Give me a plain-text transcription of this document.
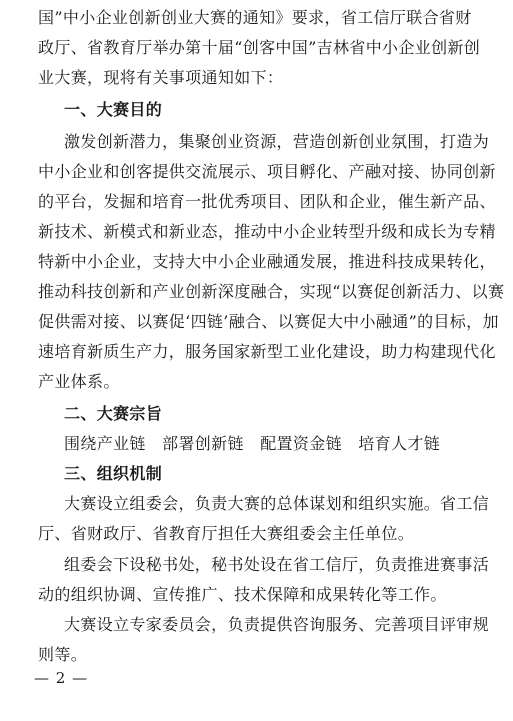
国”中小企业创新创业大赛的通知》要求，省工信厅联合省财
政厅、省教育厅举办第十届“创客中国”吉林省中小企业创新创
业大赛，现将有关事项通知如下：
一、大赛目的
激发创新潜力，集聚创业资源，营造创新创业氛围，打造为
中小企业和创客提供交流展示、项目孵化、产融对接、协同创新
的平台，发掘和培育一批优秀项目、团队和企业，催生新产品、
新技术、新模式和新业态，推动中小企业转型升级和成长为专精
特新中小企业，支持大中小企业融通发展，推进科技成果转化，
推动科技创新和产业创新深度融合，实现“以赛促创新活力、以赛
促供需对接、以赛促‘四链’融合、以赛促大中小融通”的目标，加
速培育新质生产力，服务国家新型工业化建设，助力构建现代化
产业体系。
二、大赛宗旨
围绕产业链　部署创新链　配置资金链　培育人才链
三、组织机制
大赛设立组委会，负责大赛的总体谋划和组织实施。省工信
厅、省财政厅、省教育厅担任大赛组委会主任单位。
组委会下设秘书处，秘书处设在省工信厅，负责推进赛事活
动的组织协调、宣传推广、技术保障和成果转化等工作。
大赛设立专家委员会，负责提供咨询服务、完善项目评审规
则等。
— 2 —
